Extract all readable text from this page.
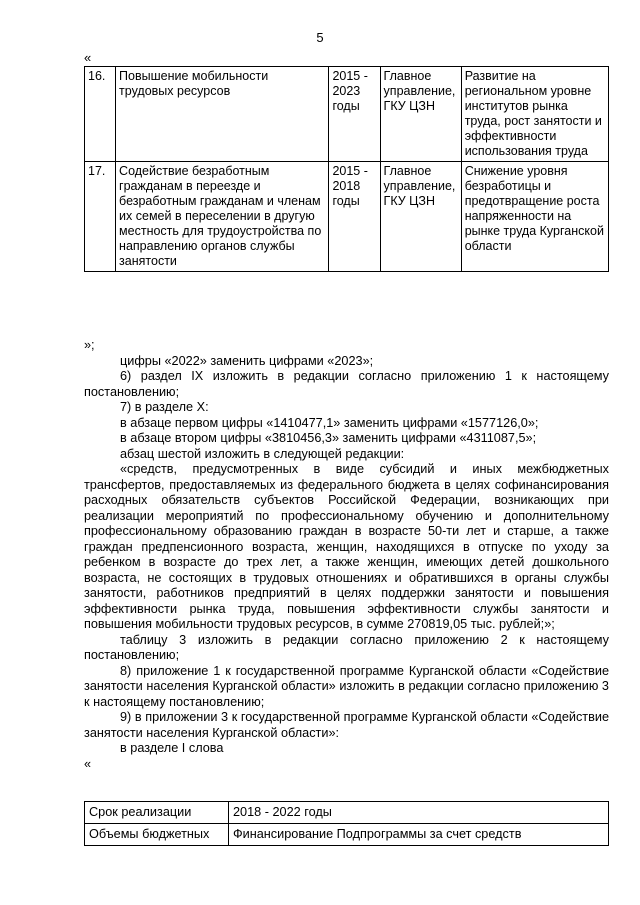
5
«
16.	Повышение мобильности трудовых ресурсов	2015 - 2023 годы	Главное управление, ГКУ ЦЗН	Развитие на региональном уровне институтов рынка труда, рост занятости и эффективности использования труда
17.	Содействие безработным гражданам в переезде и безработным гражданам и членам их семей в переселении в другую местность для трудоустройства по направлению органов службы занятости	2015 - 2018 годы	Главное управление, ГКУ ЦЗН	Снижение уровня безработицы и предотвращение роста напряженности на рынке труда Курганской области

»;

цифры «2022» заменить цифрами «2023»;

6) раздел IX изложить в редакции согласно приложению 1 к настоящему постановлению;

7) в разделе X:

в абзаце первом цифры «1410477,1» заменить цифрами «1577126,0»;

в абзаце втором цифры «3810456,3» заменить цифрами «4311087,5»;

абзац шестой изложить в следующей редакции:

«средств, предусмотренных в виде субсидий и иных межбюджетных трансфертов, предоставляемых из федерального бюджета в целях софинансирования расходных обязательств субъектов Российской Федерации, возникающих при реализации мероприятий по профессиональному обучению и дополнительному профессиональному образованию граждан в возрасте 50-ти лет и старше, а также граждан предпенсионного возраста, женщин, находящихся в отпуске по уходу за ребенком в возрасте до трех лет, а также женщин, имеющих детей дошкольного возраста, не состоящих в трудовых отношениях и обратившихся в органы службы занятости, работников предприятий в целях поддержки занятости и повышения эффективности рынка труда, повышения эффективности службы занятости и повышения мобильности трудовых ресурсов, в сумме 270819,05 тыс. рублей;»;

таблицу 3 изложить в редакции согласно приложению 2 к настоящему постановлению;

8) приложение 1 к государственной программе Курганской области «Содействие занятости населения Курганской области» изложить в редакции согласно приложению 3 к настоящему постановлению;

9) в приложении 3 к государственной программе Курганской области «Содействие занятости населения Курганской области»:

в разделе I слова

«

Срок реализации	2018 - 2022 годы
Объемы бюджетных	Финансирование Подпрограммы за счет средств
